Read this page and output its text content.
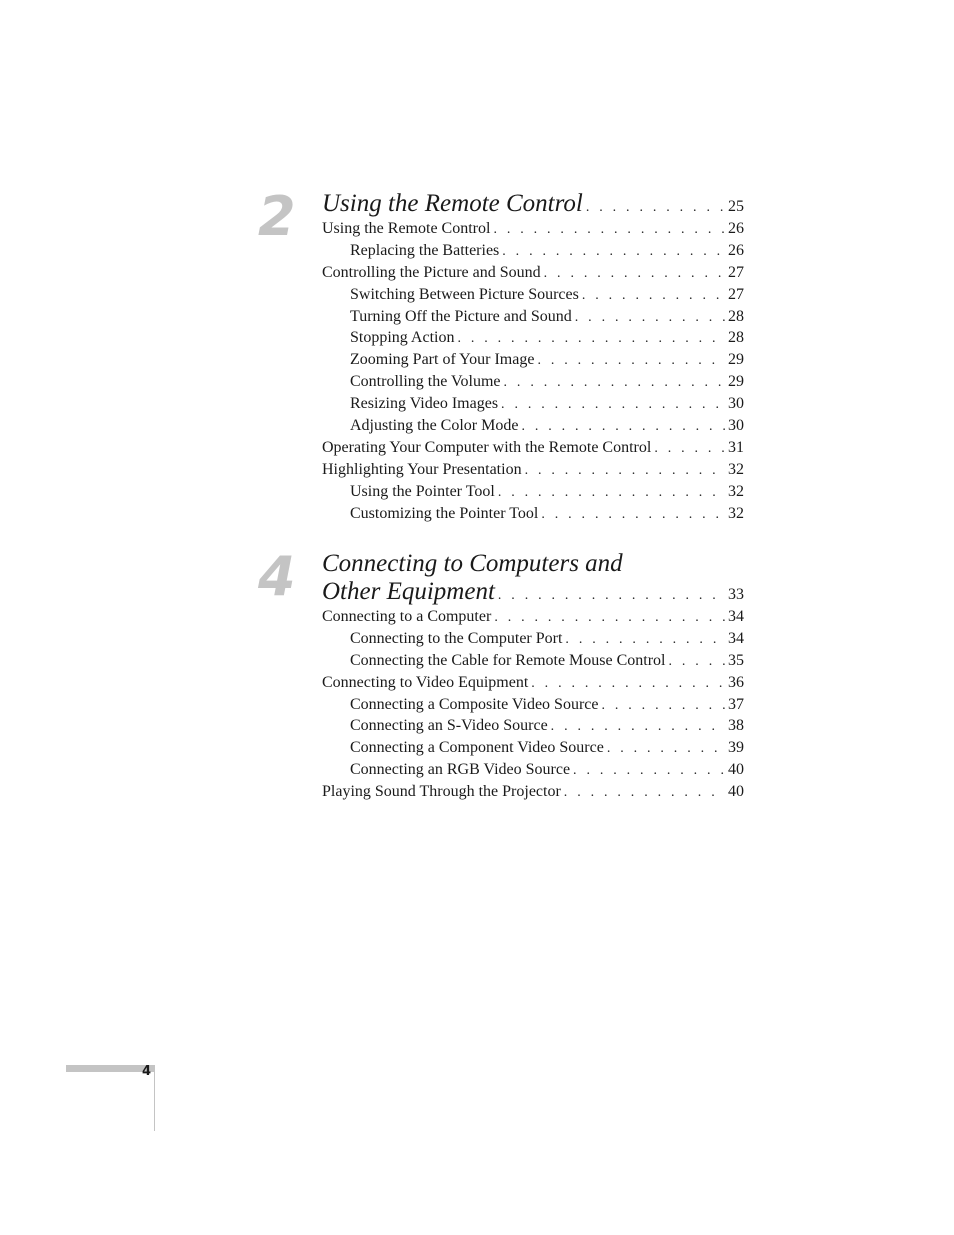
2	Using the Remote Control . . .	25
Using the Remote Control . . .	26
Replacing the Batteries . . .	26
Controlling the Picture and Sound . . .	27
Switching Between Picture Sources . . .	27
Turning Off the Picture and Sound . . .	28
Stopping Action . . .	28
Zooming Part of Your Image . . .	29
Controlling the Volume . . .	29
Resizing Video Images . . .	30
Adjusting the Color Mode . . .	30
Operating Your Computer with the Remote Control . . .	31
Highlighting Your Presentation . . .	32
Using the Pointer Tool . . .	32
Customizing the Pointer Tool . . .	32
4	Connecting to Computers and
Other Equipment . . .	33
Connecting to a Computer . . .	34
Connecting to the Computer Port . . .	34
Connecting the Cable for Remote Mouse Control . . .	35
Connecting to Video Equipment . . .	36
Connecting a Composite Video Source . . .	37
Connecting an S-Video Source . . .	38
Connecting a Component Video Source . . .	39
Connecting an RGB Video Source . . .	40
Playing Sound Through the Projector . . .	40
4
